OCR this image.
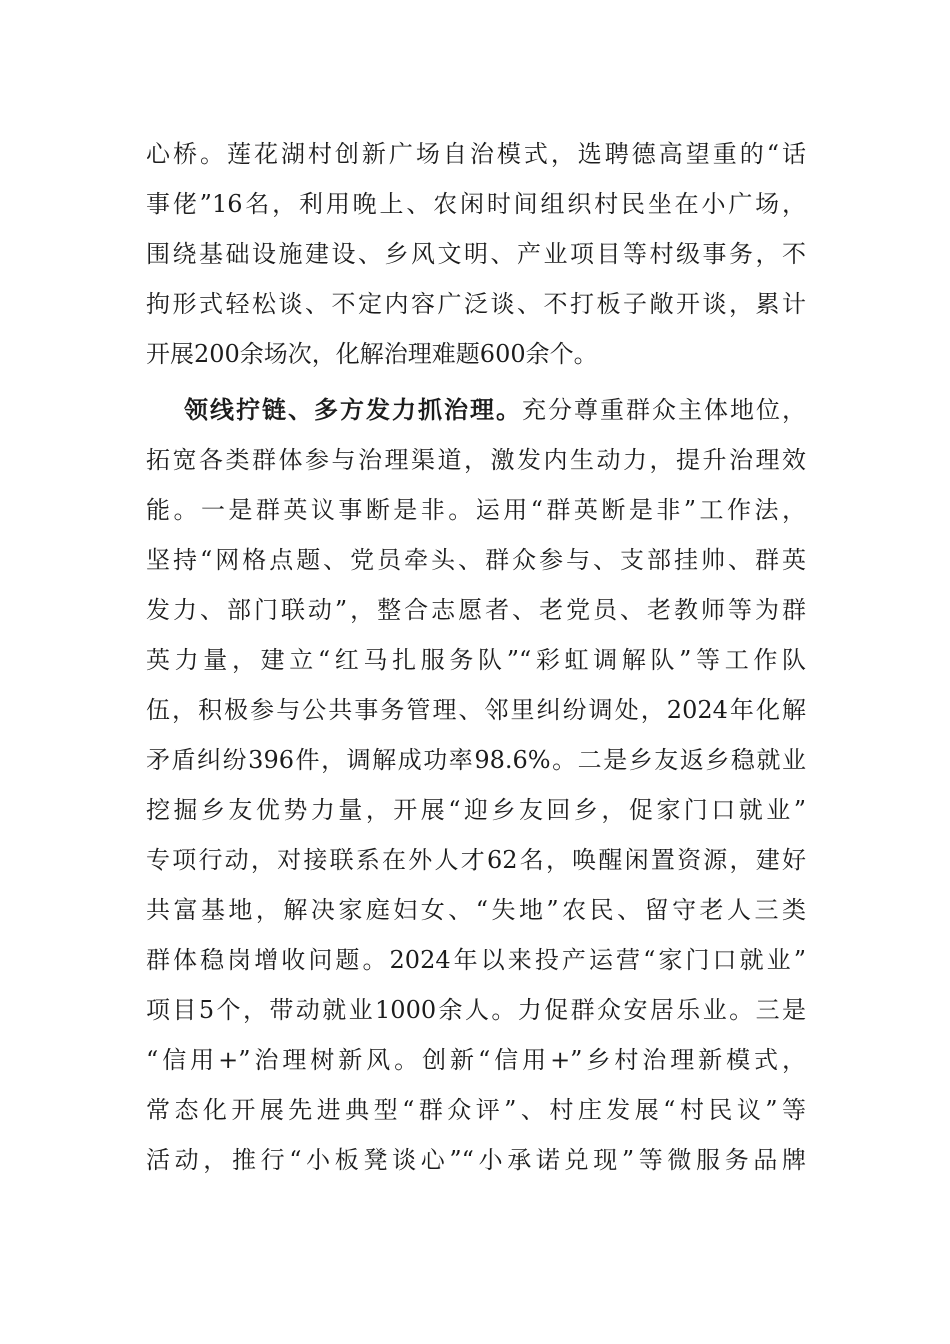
心桥。莲花湖村创新广场自治模式，选聘德高望重的“话
事佬”16名，利用晚上、农闲时间组织村民坐在小广场，
围绕基础设施建设、乡风文明、产业项目等村级事务，不
拘形式轻松谈、不定内容广泛谈、不打板子敞开谈，累计
开展200余场次，化解治理难题600余个。
领线拧链、多方发力抓治理。充分尊重群众主体地位，
拓宽各类群体参与治理渠道，激发内生动力，提升治理效
能。一是群英议事断是非。运用“群英断是非”工作法，
坚持“网格点题、党员牵头、群众参与、支部挂帅、群英
发力、部门联动”，整合志愿者、老党员、老教师等为群
英力量，建立“红马扎服务队”“彩虹调解队”等工作队
伍，积极参与公共事务管理、邻里纠纷调处，2024年化解
矛盾纠纷396件，调解成功率98.6%。二是乡友返乡稳就业
挖掘乡友优势力量，开展“迎乡友回乡，促家门口就业”
专项行动，对接联系在外人才62名，唤醒闲置资源，建好
共富基地，解决家庭妇女、“失地”农民、留守老人三类
群体稳岗增收问题。2024年以来投产运营“家门口就业”
项目5个，带动就业1000余人。力促群众安居乐业。三是
“信用+”治理树新风。创新“信用+”乡村治理新模式，
常态化开展先进典型“群众评”、村庄发展“村民议”等
活动，推行“小板凳谈心”“小承诺兑现”等微服务品牌
